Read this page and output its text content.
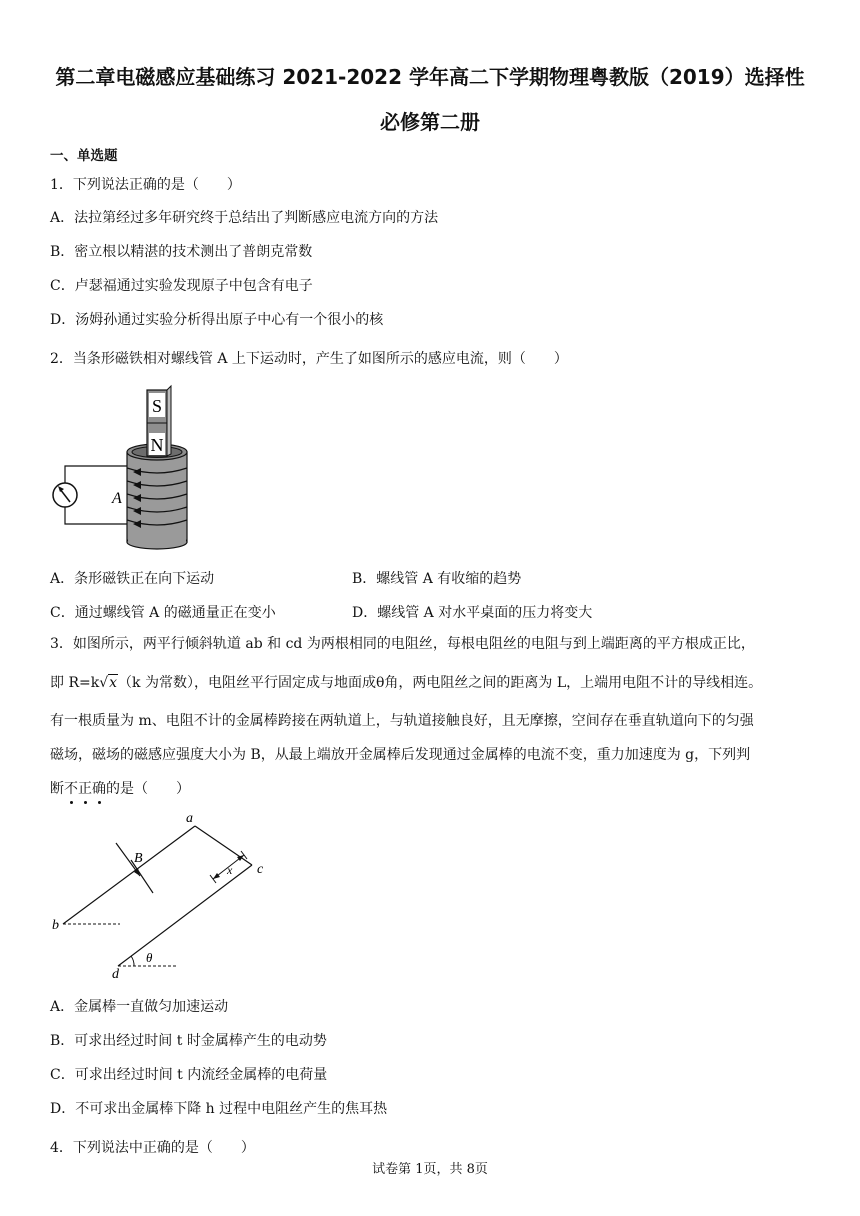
第二章电磁感应基础练习 2021-2022 学年高二下学期物理粤教版（2019）选择性
必修第二册
一、单选题
1．下列说法正确的是（　　）
A．法拉第经过多年研究终于总结出了判断感应电流方向的方法
B．密立根以精湛的技术测出了普朗克常数
C．卢瑟福通过实验发现原子中包含有电子
D．汤姆孙通过实验分析得出原子中心有一个很小的核
2．当条形磁铁相对螺线管 A 上下运动时，产生了如图所示的感应电流，则（　　）
S
N
A
A．条形磁铁正在向下运动	B．螺线管 A 有收缩的趋势
C．通过螺线管 A 的磁通量正在变小	D．螺线管 A 对水平桌面的压力将变大
3．如图所示，两平行倾斜轨道 ab 和 cd 为两根相同的电阻丝，每根电阻丝的电阻与到上端距离的平方根成正比，
即 R=k√x（k 为常数），电阻丝平行固定成与地面成θ角，两电阻丝之间的距离为 L，上端用电阻不计的导线相连。
有一根质量为 m、电阻不计的金属棒跨接在两轨道上，与轨道接触良好，且无摩擦，空间存在垂直轨道向下的匀强
磁场，磁场的磁感应强度大小为 B，从最上端放开金属棒后发现通过金属棒的电流不变，重力加速度为 g，下列判
断不
正
确
的是（　　）
a
b
c
d
B
x
θ
A．金属棒一直做匀加速运动
B．可求出经过时间 t 时金属棒产生的电动势
C．可求出经过时间 t 内流经金属棒的电荷量
D．不可求出金属棒下降 h 过程中电阻丝产生的焦耳热
4．下列说法中正确的是（　　）
试卷第 1页，共 8页
